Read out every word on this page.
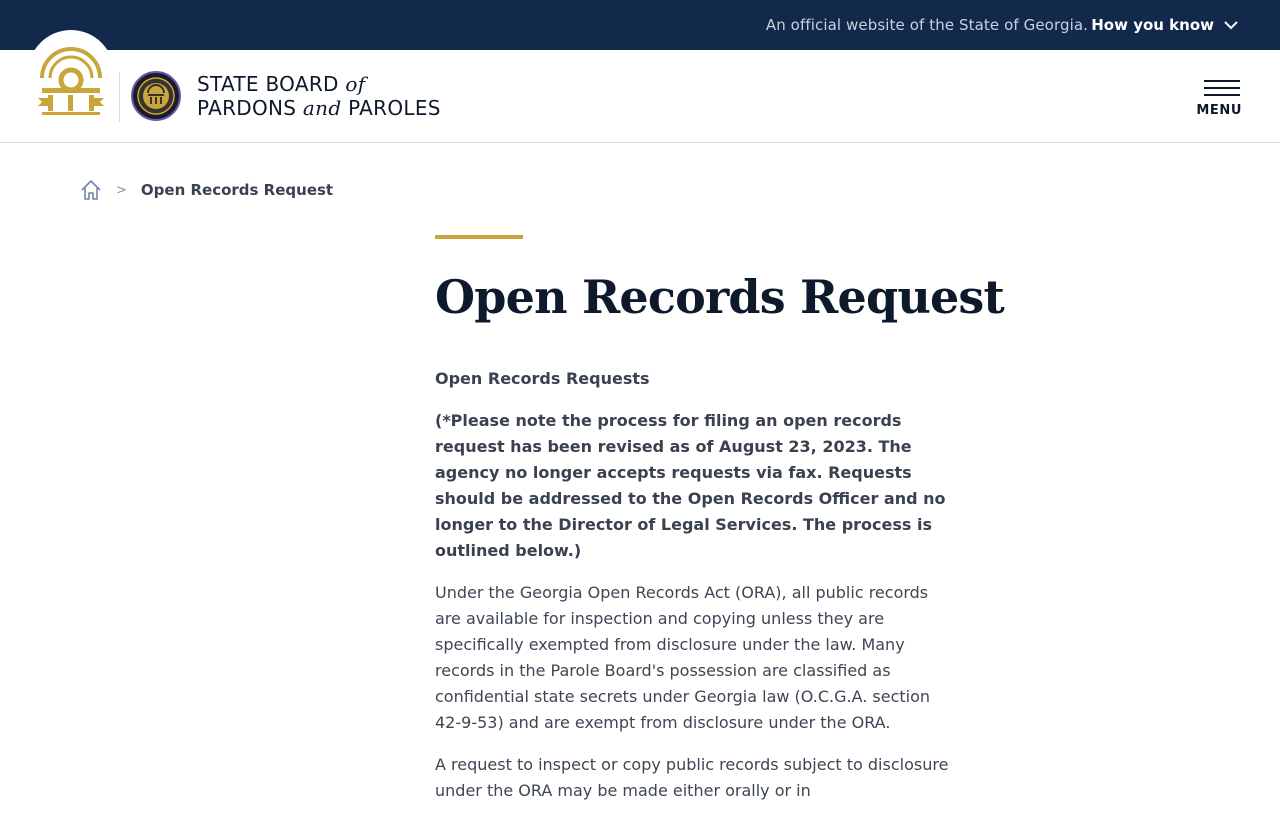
An official website of the State of Georgia. How you know
STATE BOARD of
PARDONS and PAROLES	MENU
> Open Records Request
Open Records Request

Open Records Requests

(*Please note the process for filing an open records request has been revised as of August 23, 2023. The agency no longer accepts requests via fax. Requests should be addressed to the Open Records Officer and no longer to the Director of Legal Services. The process is outlined below.)

Under the Georgia Open Records Act (ORA), all public records are available for inspection and copying unless they are specifically exempted from disclosure under the law. Many records in the Parole Board's possession are classified as confidential state secrets under Georgia law (O.C.G.A. section 42-9-53) and are exempt from disclosure under the ORA.

A request to inspect or copy public records subject to disclosure under the ORA may be made either orally or in
